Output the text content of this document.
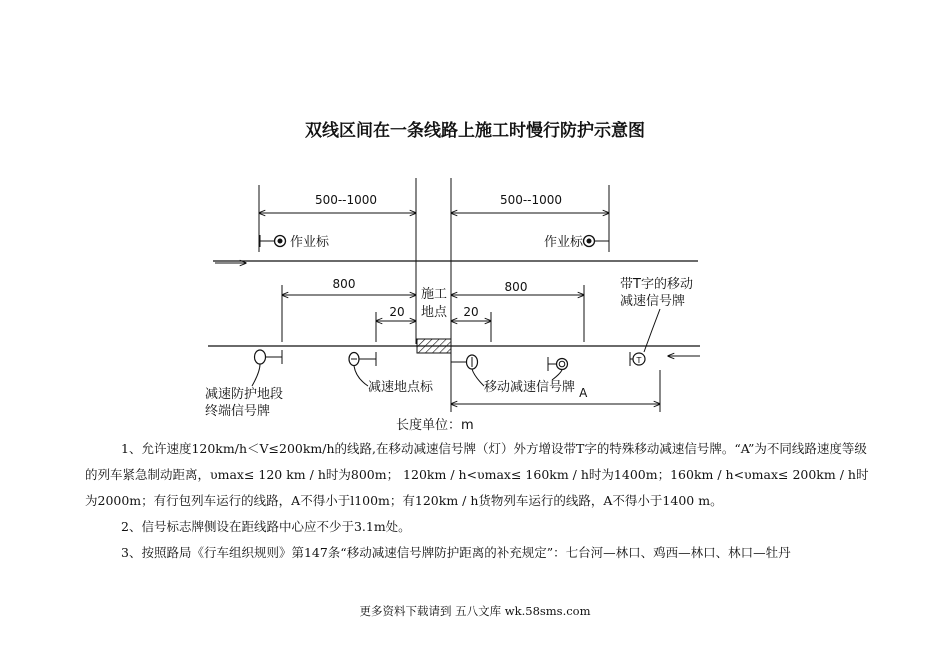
双线区间在一条线路上施工时慢行防护示意图
500--1000	500--1000
作业标	作业标
施工
地点
800	800
20	20
带T字的移动
减速信号牌
T
减速防护地段
终端信号牌
减速地点标	移动减速信号牌 A
长度单位：m

1、允许速度120km/h＜V≤200km/h的线路,在移动减速信号牌（灯）外方增设带T字的特殊移动减速信号牌。“A”为不同线路速度等级的列车紧急制动距离，υmax≤ 120 km / h时为800m； 120km / h<υmax≤ 160km / h时为1400m；160km / h<υmax≤ 200km / h时为2000m；有行包列车运行的线路，A不得小于l100m；有120km / h货物列车运行的线路，A不得小于1400 m。

2、信号标志牌侧设在距线路中心应不少于3.1m处。

3、按照路局《行车组织规则》第147条“移动减速信号牌防护距离的补充规定”：七台河—林口、鸡西—林口、林口—牡丹

更多资料下载请到 五八文库 wk.58sms.com
